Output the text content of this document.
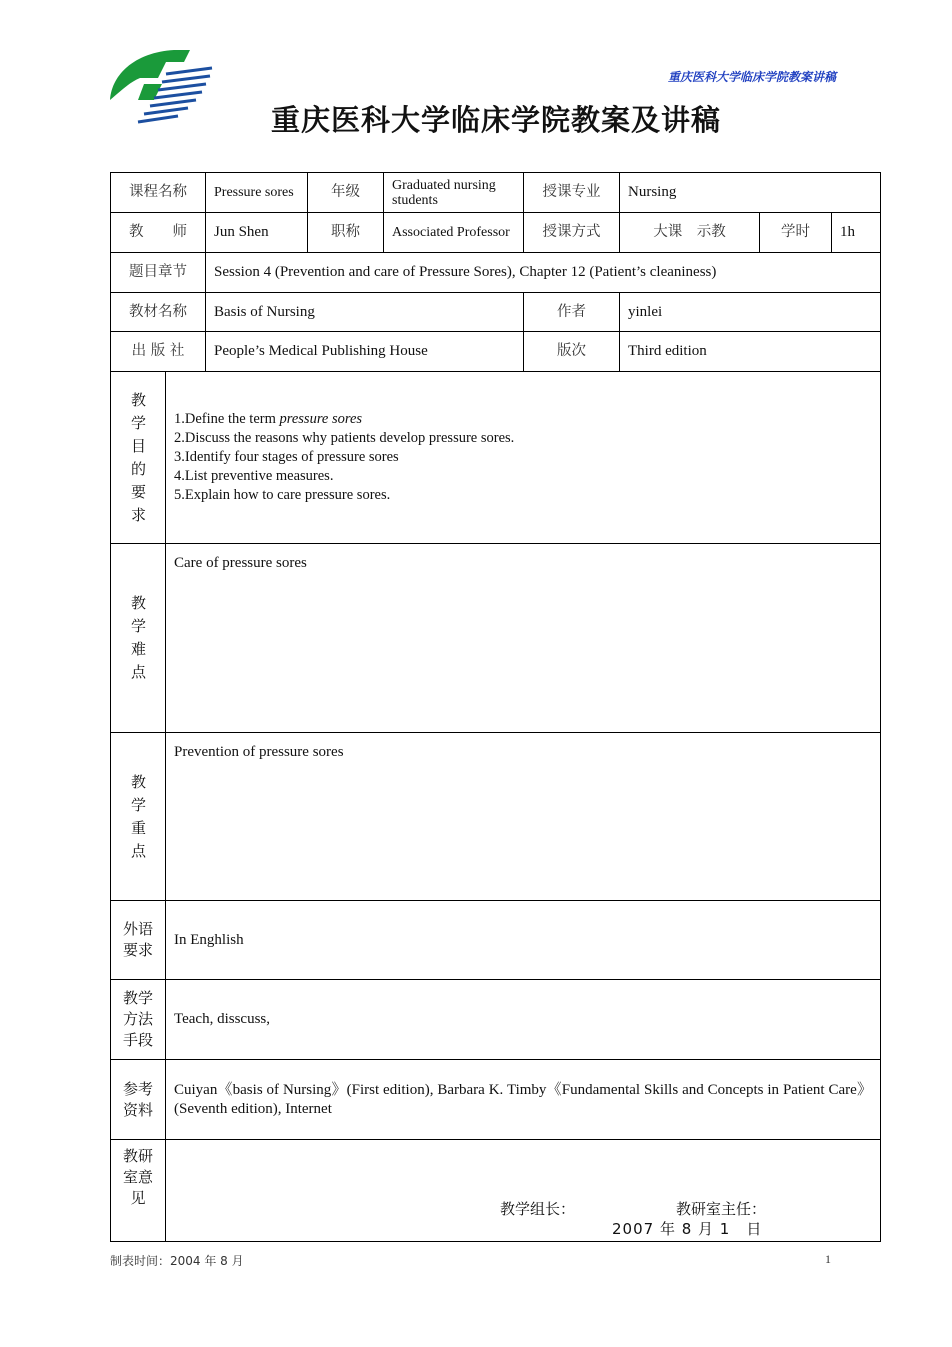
重庆医科大学临床学院教案讲稿
重庆医科大学临床学院教案及讲稿
课程名称		Pressure sores	年级	Graduated nursing students	授课专业	Nursing		
教　　师		Jun Shen	职称	Associated Professor	授课方式	大课　示教	学时	1h
题目章节		Session 4 (Prevention and care of Pressure Sores), Chapter 12 (Patient’s cleaniness)						
教材名称		Basis of Nursing			作者	yinlei		
出 版 社		People’s Medical Publishing House			版次	Third edition		

教学目的要求	1.Define the term pressure sores
2.Discuss the reasons why patients develop pressure sores.
3.Identify four stages of pressure sores
4.List preventive measures.
5.Explain how to care pressure sores.							

教学难点	Care of pressure sores							

教学重点	Prevention of pressure sores							

外语要求	In Enghlish							

教学方法手段	Teach, disscuss,							

参考资料	Cuiyan《basis of Nursing》(First edition), Barbara K. Timby《Fundamental Skills and Concepts in Patient Care》(Seventh edition), Internet							

教研室意见	教学组长： 教研室主任：
2007 年 8 月 1　日							
制表时间：2004 年 8 月	1
